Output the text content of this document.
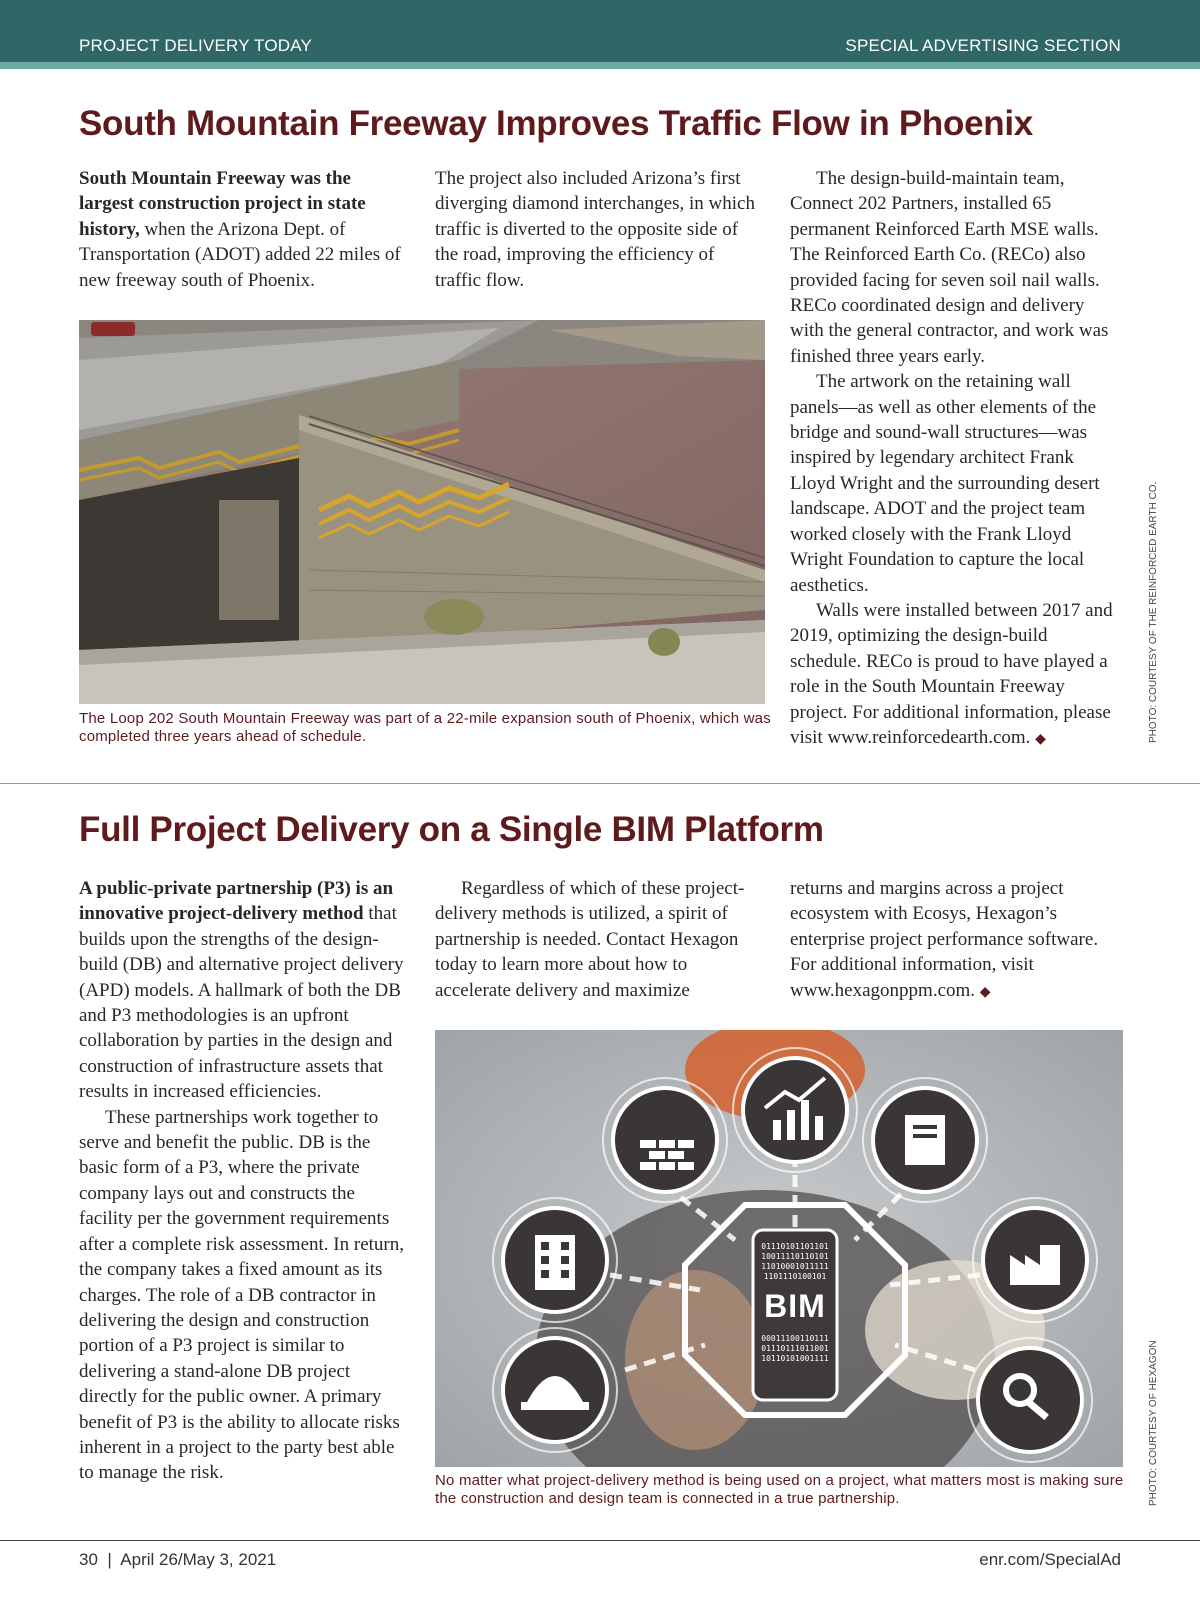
PROJECT DELIVERY TODAY	SPECIAL ADVERTISING SECTION
South Mountain Freeway Improves Traffic Flow in Phoenix

South Mountain Freeway was the largest construction project in state history, when the Arizona Dept. of Transportation (ADOT) added 22 miles of new freeway south of Phoenix.

The project also included Arizona’s first diverging diamond interchanges, in which traffic is diverted to the opposite side of the road, improving the efficiency of traffic flow.

The design-build-maintain team, Connect 202 Partners, installed 65 permanent Reinforced Earth MSE walls. The Reinforced Earth Co. (RECo) also provided facing for seven soil nail walls. RECo coordinated design and delivery with the general contractor, and work was finished three years early.

The artwork on the retaining wall panels—as well as other elements of the bridge and sound-wall structures—was inspired by legendary architect Frank Lloyd Wright and the surrounding desert landscape. ADOT and the project team worked closely with the Frank Lloyd Wright Foundation to capture the local aesthetics.

Walls were installed between 2017 and 2019, optimizing the design-build schedule. RECo is proud to have played a role in the South Mountain Freeway project. For additional information, please visit www.reinforcedearth.com. ◆

The Loop 202 South Mountain Freeway was part of a 22-mile expansion south of Phoenix, which was completed three years ahead of schedule.	PHOTO: COURTESY OF THE REINFORCED EARTH CO.
Full Project Delivery on a Single BIM Platform

A public-private partnership (P3) is an innovative project-delivery method that builds upon the strengths of the design-build (DB) and alternative project delivery (APD) models. A hallmark of both the DB and P3 methodologies is an upfront collaboration by parties in the design and construction of infrastructure assets that results in increased efficiencies.

These partnerships work together to serve and benefit the public. DB is the basic form of a P3, where the private company lays out and constructs the facility per the government requirements after a complete risk assessment. In return, the company takes a fixed amount as its charges. The role of a DB contractor in delivering the design and construction portion of a P3 project is similar to delivering a stand-alone DB project directly for the public owner. A primary benefit of P3 is the ability to allocate risks inherent in a project to the party best able to manage the risk.

Regardless of which of these project-delivery methods is utilized, a spirit of partnership is needed. Contact Hexagon today to learn more about how to accelerate delivery and maximize

returns and margins across a project ecosystem with Ecosys, Hexagon’s enterprise project performance software. For additional information, visit www.hexagonppm.com. ◆

01110101101101
10011110110101
11010001011111
1101110100101
BIM
00011100110111
01110111011001
10110101001111
No matter what project-delivery method is being used on a project, what matters most is making sure the construction and design team is connected in a true partnership.	PHOTO: COURTESY OF HEXAGON
30  |  April 26/May 3, 2021	enr.com/SpecialAd
